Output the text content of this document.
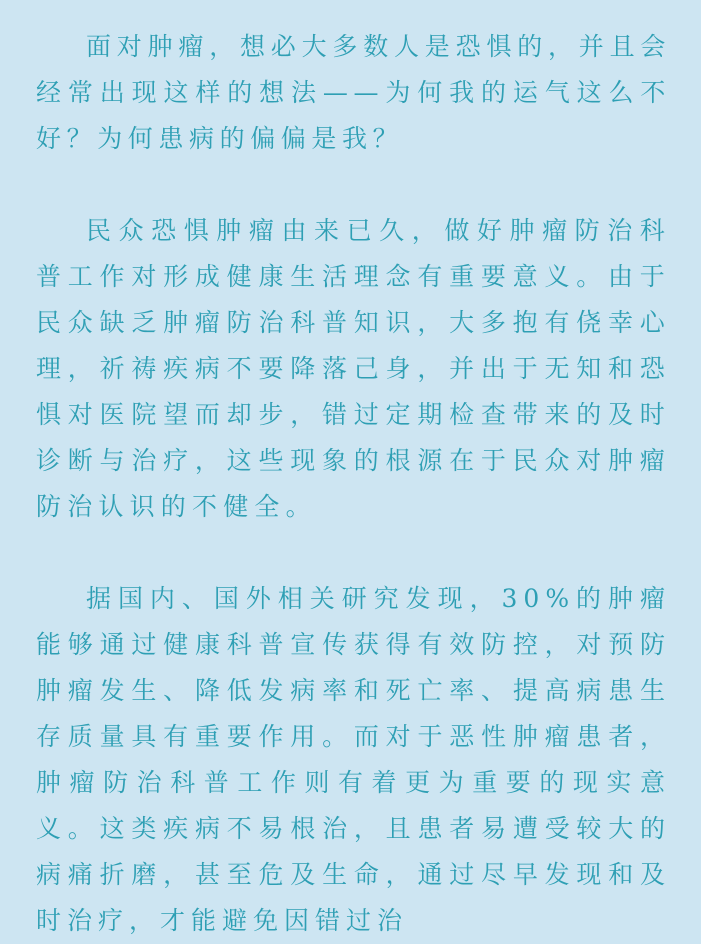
面对肿瘤，想必大多数人是恐惧的，并且会经常出现这样的想法——为何我的运气这么不好？为何患病的偏偏是我？

民众恐惧肿瘤由来已久，做好肿瘤防治科普工作对形成健康生活理念有重要意义。由于民众缺乏肿瘤防治科普知识，大多抱有侥幸心理，祈祷疾病不要降落己身，并出于无知和恐惧对医院望而却步，错过定期检查带来的及时诊断与治疗，这些现象的根源在于民众对肿瘤防治认识的不健全。

据国内、国外相关研究发现，30%的肿瘤能够通过健康科普宣传获得有效防控，对预防肿瘤发生、降低发病率和死亡率、提高病患生存质量具有重要作用。而对于恶性肿瘤患者，肿瘤防治科普工作则有着更为重要的现实意义。这类疾病不易根治，且患者易遭受较大的病痛折磨，甚至危及生命，通过尽早发现和及时治疗，才能避免因错过治
